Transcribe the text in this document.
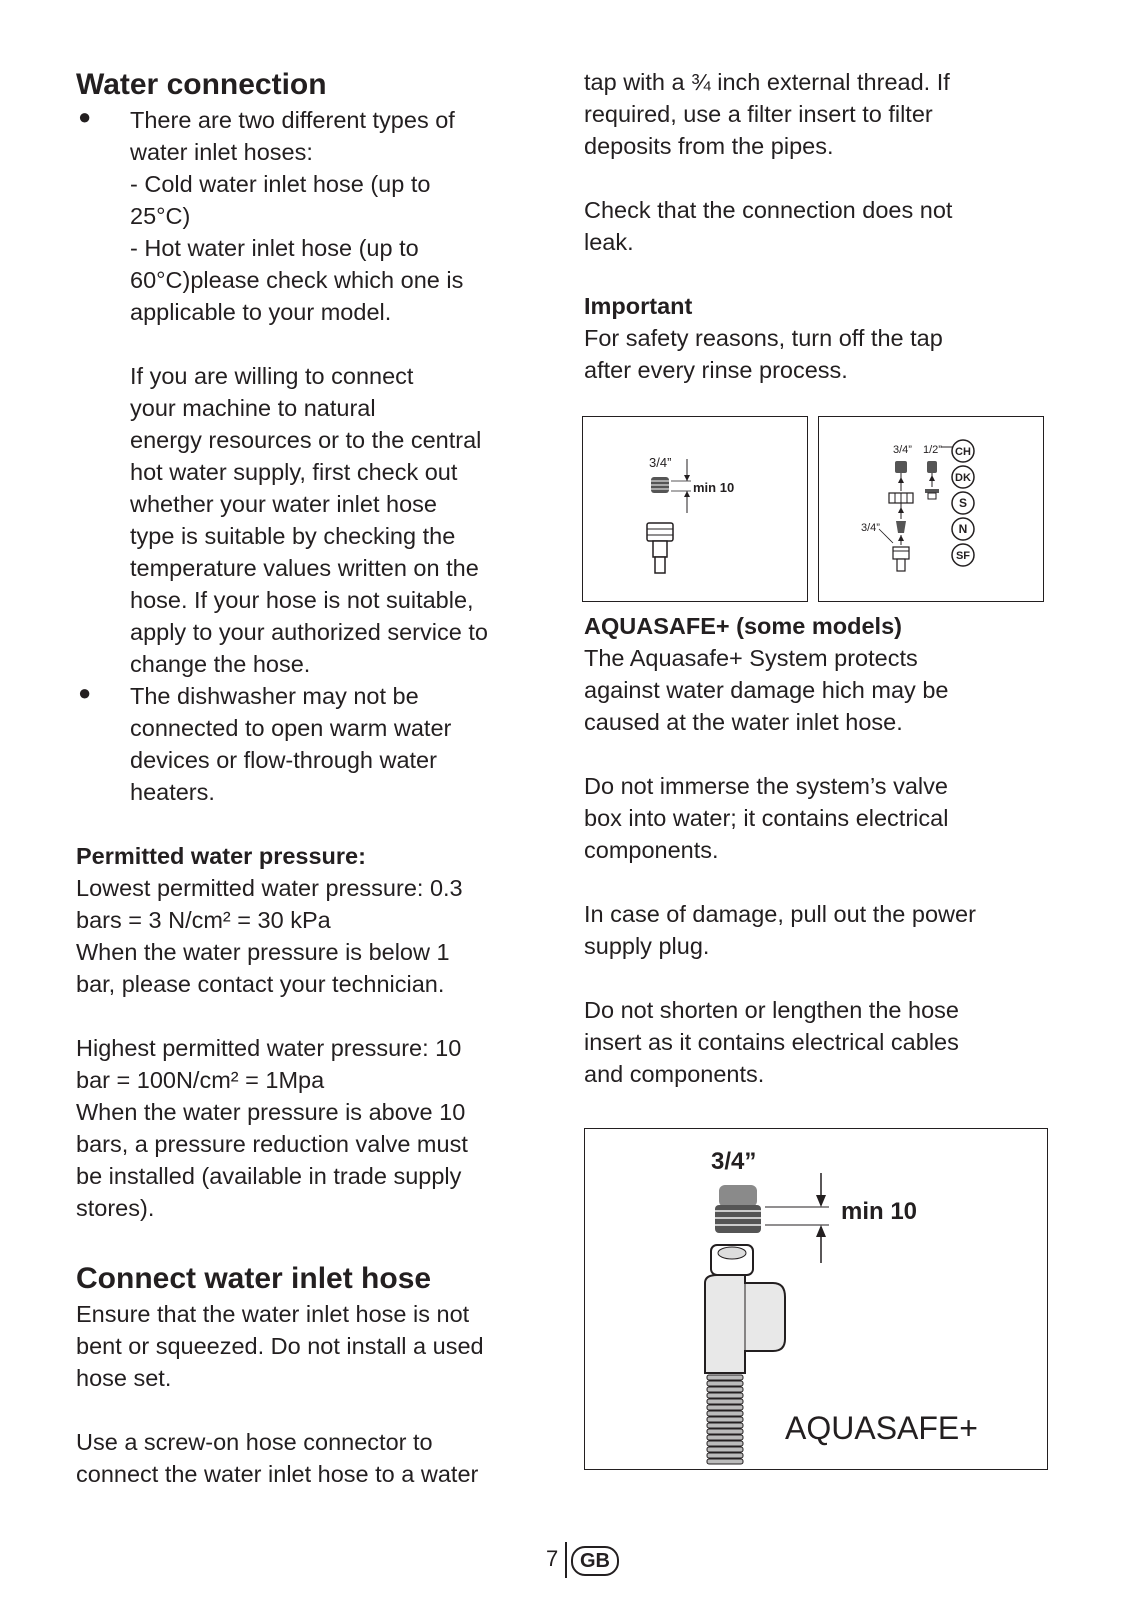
Water connection
● There are two different types of

water inlet hoses:

- Cold water inlet hose (up to

25°C)

- Hot water inlet hose (up to

60°C)please check which one is

applicable to your model.

If you are willing to connect

your machine to natural

energy resources or to the central

hot water supply, first check out

whether your water inlet hose

type is suitable by checking the

temperature values written on the

hose. If your hose is not suitable,

apply to your authorized service to

change the hose.

● The dishwasher may not be

connected to open warm water

devices or flow-through water

heaters.

Permitted water pressure:

Lowest permitted water pressure: 0.3

bars = 3 N/cm² = 30 kPa

When the water pressure is below 1

bar, please contact your technician.

Highest permitted water pressure: 10

bar = 100N/cm² = 1Mpa

When the water pressure is above 10

bars, a pressure reduction valve must

be installed (available in trade supply

stores).

Connect water inlet hose

Ensure that the water inlet hose is not

bent or squeezed. Do not install a used

hose set.

Use a screw-on hose connector to

connect the water inlet hose to a water

tap with a ¾ inch external thread. If

required, use a filter insert to filter

deposits from the pipes.

Check that the connection does not

leak.

Important

For safety reasons, turn off the tap

after every rinse process.

AQUASAFE+ (some models)

The Aquasafe+ System protects

against water damage hich may be

caused at the water inlet hose.

Do not immerse the system’s valve

box into water; it contains electrical

components.

In case of damage, pull out the power

supply plug.

Do not shorten or lengthen the hose

insert as it contains electrical cables

and components.

3/4”
min 10
3/4” 1/2”
3/4”
CH
DK
S
N
SF
3/4”
min 10
AQUASAFE+
7	GB
